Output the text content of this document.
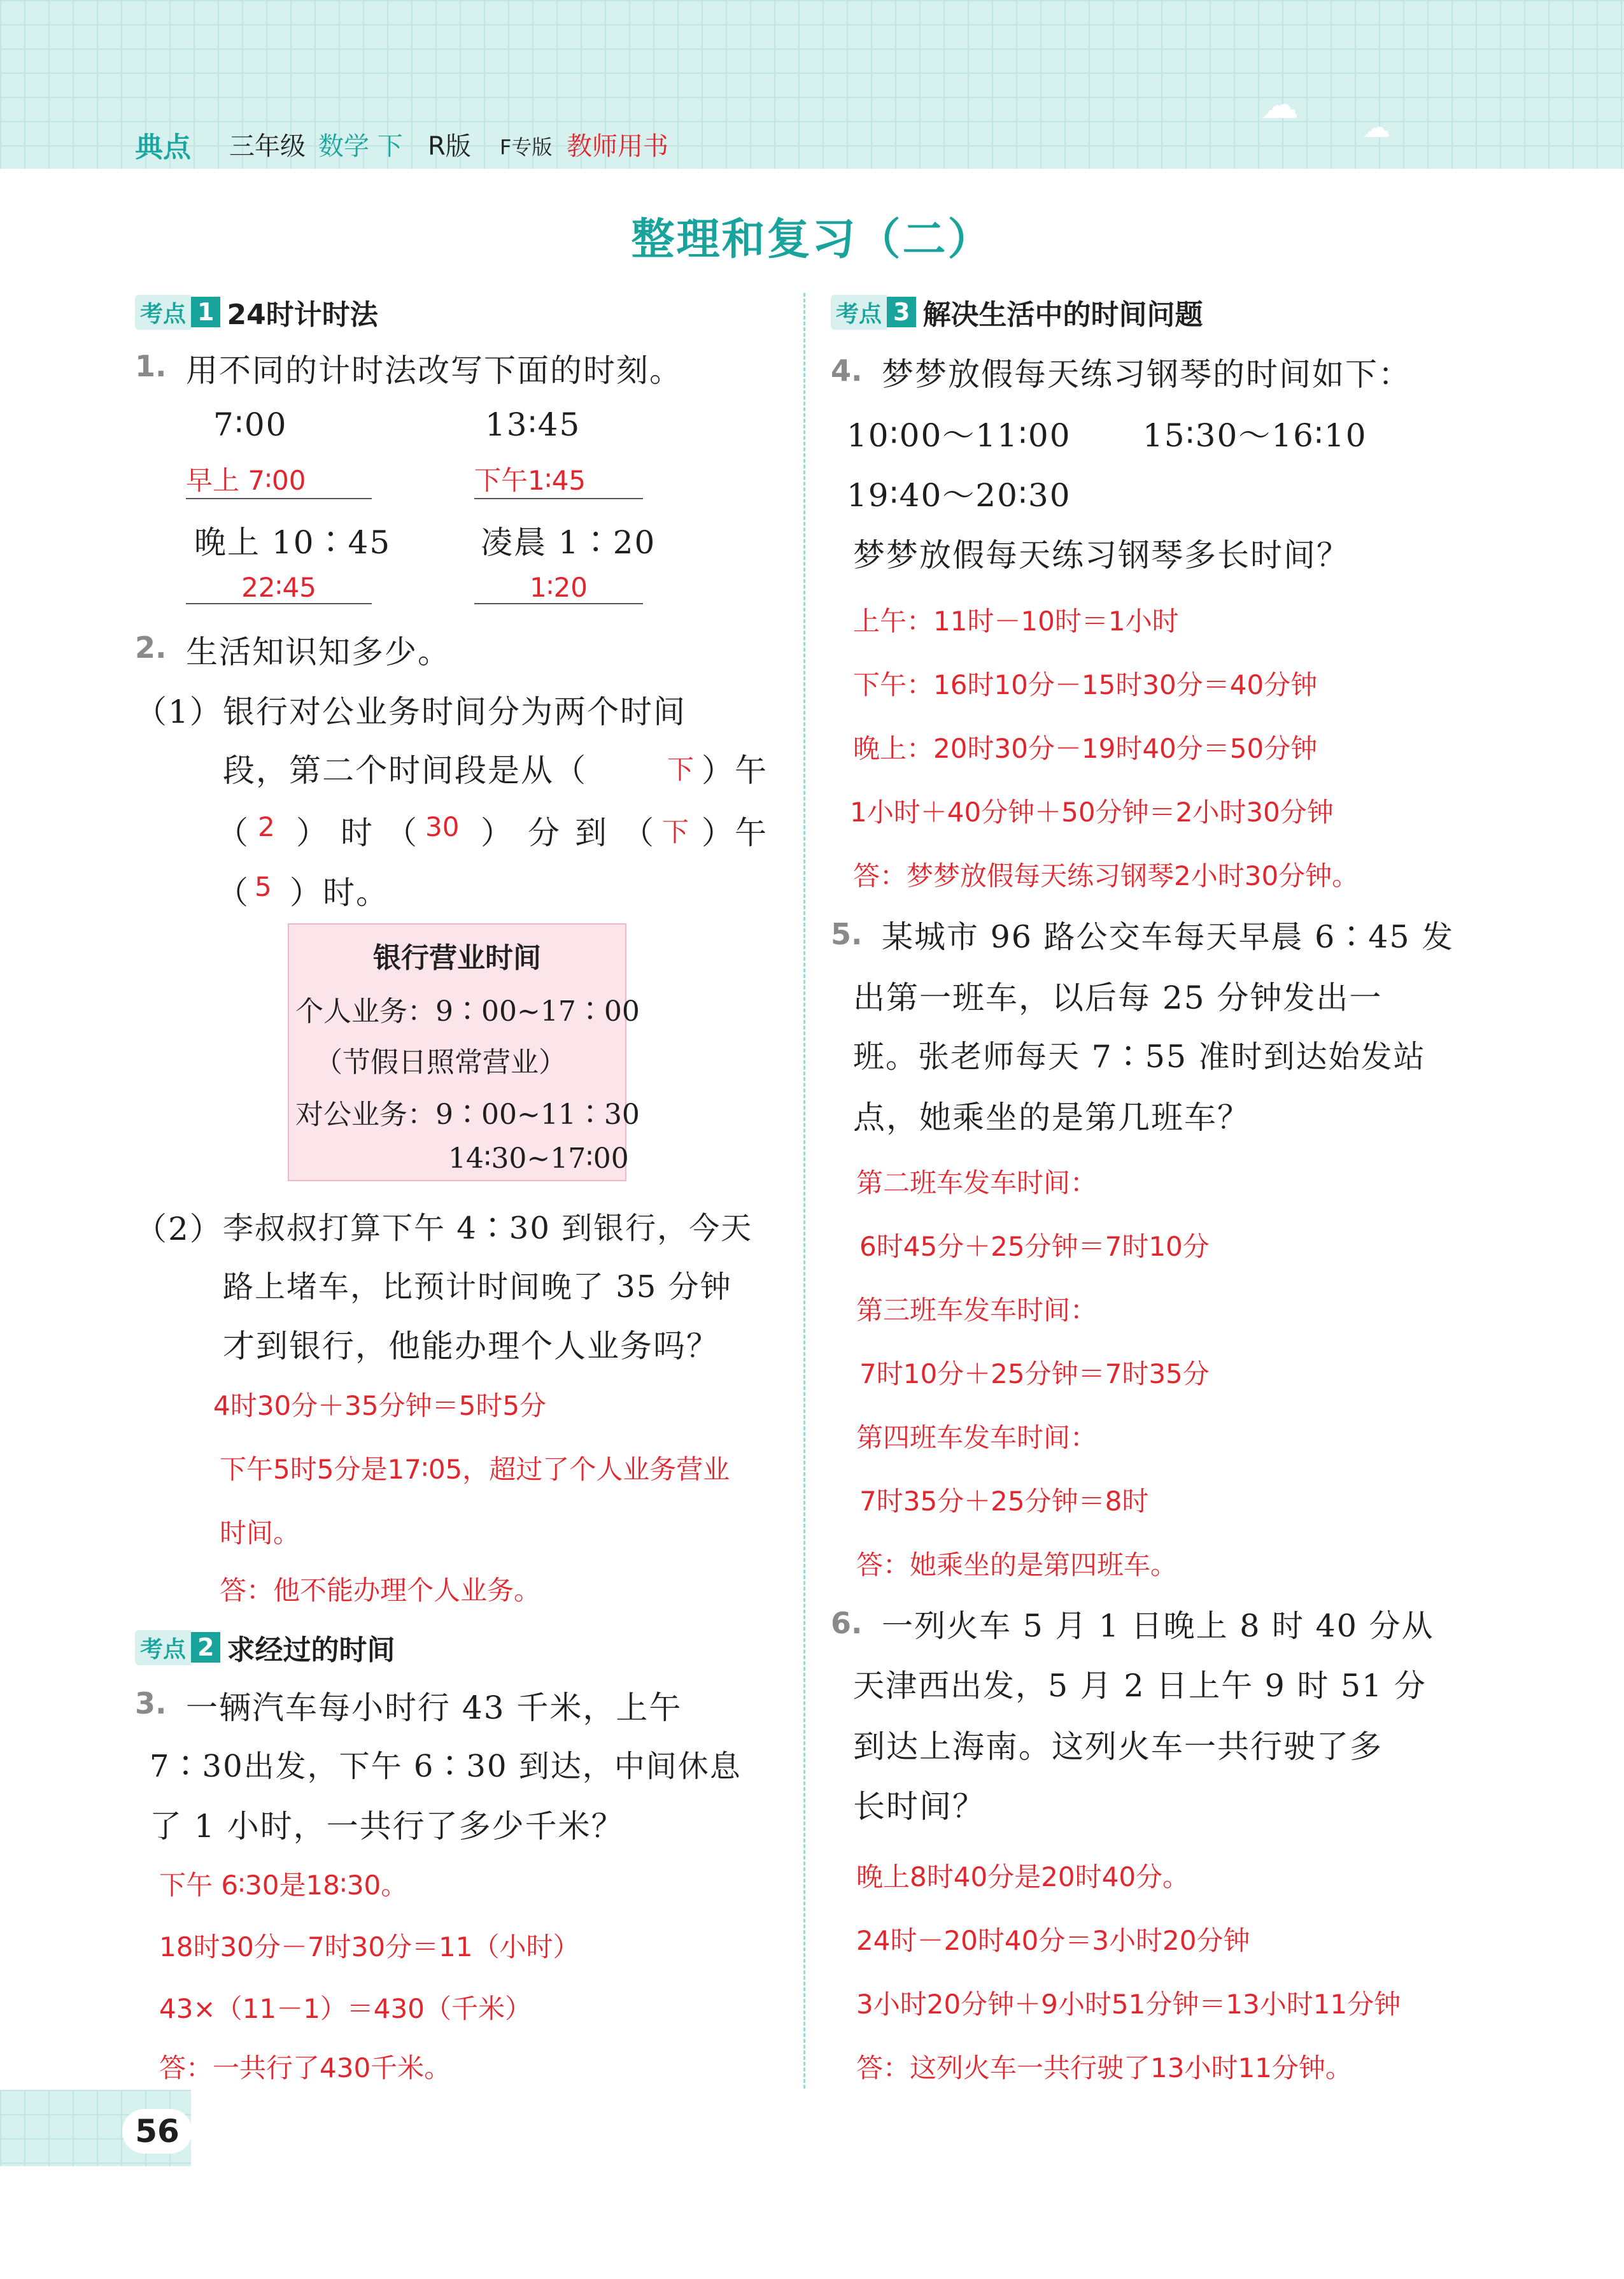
☁
☁
典点 三年级 数学 下 R版 F专版 教师用书
整理和复习（二）
考点 1 24时计时法
1. 用不同的计时法改写下面的时刻。
7∶00
早上 7∶00
13∶45
下午1∶45
晚上 10∶45
22∶45
凌晨 1∶20
1∶20
2. 生活知识知多少。
（1） 银行对公业务时间分为两个时间
段，第二个时间段是从（	下 ）午
（ 2 ）时（
30 ）分到（
下 ）午
（ 5 ）时。
银行营业时间
个人业务：9∶00~17∶00
（节假日照常营业）
对公业务：9∶00~11∶30
14∶30~17∶00
（2） 李叔叔打算下午 4∶30 到银行，今天
路上堵车，比预计时间晚了 35 分钟
才到银行，他能办理个人业务吗？
4时30分＋35分钟＝5时5分
下午5时5分是17∶05，超过了个人业务营业
时间。
答：他不能办理个人业务。
考点 2 求经过的时间
3. 一辆汽车每小时行 43 千米，上午
7∶30出发，下午 6∶30 到达，中间休息
了 1 小时，一共行了多少千米？
下午 6∶30是18∶30。
18时30分－7时30分＝11（小时）
43×（11－1）＝430（千米）
答：一共行了430千米。
考点 3 解决生活中的时间问题
4. 梦梦放假每天练习钢琴的时间如下：
10∶00～11∶00 15∶30～16∶10
19∶40～20∶30
梦梦放假每天练习钢琴多长时间？
上午：11时－10时＝1小时
下午：16时10分－15时30分＝40分钟
晚上：20时30分－19时40分＝50分钟
1小时＋40分钟＋50分钟＝2小时30分钟
答：梦梦放假每天练习钢琴2小时30分钟。
5. 某城市 96 路公交车每天早晨 6∶45 发
出第一班车，以后每 25 分钟发出一
班。张老师每天 7∶55 准时到达始发站
点，她乘坐的是第几班车？
第二班车发车时间：
6时45分＋25分钟＝7时10分
第三班车发车时间：
7时10分＋25分钟＝7时35分
第四班车发车时间：
7时35分＋25分钟＝8时
答：她乘坐的是第四班车。
6. 一列火车 5 月 1 日晚上 8 时 40 分从
天津西出发，5 月 2 日上午 9 时 51 分
到达上海南。这列火车一共行驶了多
长时间？
晚上8时40分是20时40分。
24时－20时40分＝3小时20分钟
3小时20分钟＋9小时51分钟＝13小时11分钟
答：这列火车一共行驶了13小时11分钟。
56
